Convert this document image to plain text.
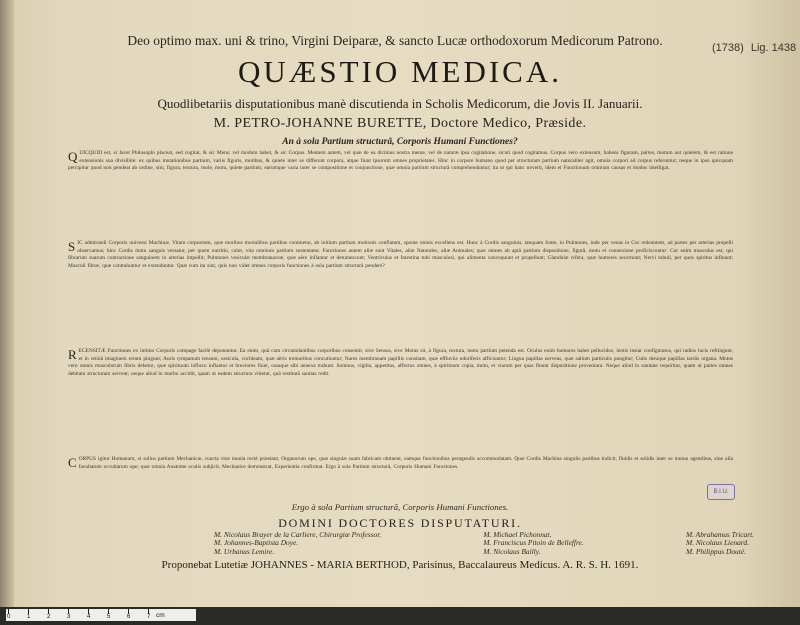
Deo optimo max. uni & trino, Virgini Deiparæ, & sancto Lucæ orthodoxorum Medicorum Patrono.	(1738) Lig. 1438
QUÆSTIO MEDICA.
Quodlibetariis disputationibus manè discutienda in Scholis Medicorum, die Jovis II. Januarii.
M. PETRO-JOHANNE BURETTE, Doctore Medico, Præside.
An à sola Partium structurâ, Corporis Humani Functiones?
QUICQUID est, si Jacet Philosophi placeat, sed cogitat, & sic Mens; vel modum habet, & sic Corpus. Mentem autem, vel quæ de ea dicimus nostra mente, vel de naturæ ipsa cogitatione, sicuti quod cogitamus. Corpus vero extensum, habens figuram, partes, motum aut quietem, & est ratione extensionis sua divisibile: ex quibus mutationibus partium, variis figuris, motibus, & quiete inter se differunt corpora, atque fiunt ipsorum omnes proprietates. Hinc in corpore humano quod per structuram partium naturaliter agit, omnia corpori ad corpus referuntur; neque in ipso quicquam percipitur quod non pendeat ab ordine, situ, figura, textura, mole, motu, quiete partium, earumque varia inter se compositione et conjunctione, quæ omnia partium structurâ comprehenduntur; ita ut qui hanc noverit, idem et Functionum omnium causas et modos intelligat.
SIC admirandi Corporis universi Machinæ, Vitam corporeum, quæ moribus mortalibus partibus continetur, ab initium partium motionis conflatum, sponte omnis excellens est. Hunc à Cordis sanguinis, tanquam fonte, in Pulmones, inde per venas in Cor redeuntem, ad partes per arterias propelli observamus; hinc Cordis motu sanguis versatur, per quem nutritio, calor, vita omnium partium sustentatur. Functiones autem aliæ sunt Vitales, aliæ Naturales, aliæ Animales; quæ omnes ab aptâ partium dispositione, figurâ, motu et connexione proficiscuntur: Cor enim musculus est, qui fibrarum suarum contractione sanguinem in arterias impellit; Pulmones vesiculæ membranaceæ, quæ aëre inflantur et detumescunt; Ventriculus et Intestina tubi musculosi, qui alimenta concoquunt et propellunt; Glandulæ cribra, quæ humores secernunt; Nervi tubuli, per quos spiritus influunt; Musculi fibræ, quæ contrahuntur et extenduntur. Quæ cum ita sint, quis non videt omnes corporis functiones à sola partium structurâ pendere?
RECENSITÆ Functiones ex intimo Corporis compage facilè deponuntur. Ea enim, quâ cum circumdantibus corporibus consentit, sive Sensus, sive Motus sit, à figura, textura, motu partium petenda est. Oculus enim humores habet pellucidos, lentis instar configuratos, qui radios lucis refringunt, et in retinâ imaginem rerum pingunt; Auris tympanum tensum, ossicula, cochleam, quæ aëris tremoribus concutiuntur; Nares membranam papillis consitam, quæ effluviis odoriferis afficiuntur; Lingua papillas nerveas, quæ salium particulis pungitur; Cutis denique papillas tactûs organa. Motus vero omnis musculorum fibris debetur, quæ spirituum influxu inflantur et breviores fiunt, ossaque sibi annexa trahunt. Somnus, vigilia, appetitus, affectus omnes, à spirituum copia, motu, et viarum per quas fluunt dispositione proveniunt. Neque aliud in sanitate requiritur, quam ut partes omnes debitam structuram servent; neque aliud in morbo accidit, quam ut eadem structura vitietur, quâ restitutâ sanitas redit.
CORPUS igitur Humanum, si solius partium Mechanicæ, cuncta vitæ munia rectè præstant, Organorum ope, quæ singulæ suam fabricam obtinent, eamque functionibus peragendis accommodatam. Quæ Cordis Machina singulis partibus indicit, fluidis et solidis inter se mutuo agentibus, sine ulla facultatum occultarum ope; quæ omnia Anatome oculis subjicit, Mechanice demonstrat, Experientia confirmat. Ergo à sola Partium structurâ, Corporis Humani Functiones.
B.I.U.
Ergo à sola Partium structurâ, Corporis Humani Functiones.
DOMINI DOCTORES DISPUTATURI.
M. Nicolaus Brayer de la Carliere, Chirurgiæ Professor.
M. Johannes-Baptista Doye.
M. Urbanus Lemire.
M. Michael Pichonnat.
M. Franciscus Pitoin de Belleffre.
M. Nicolaus Bailly.
M. Abrahamus Tricart.
M. Nicolaus Lienard.
M. Philippus Douté.
Proponebat Lutetiæ JOHANNES - MARIA BERTHOD, Parisinus, Baccalaureus Medicus. A. R. S. H. 1691.
0	1	2	3	4	5	6	7 cm
